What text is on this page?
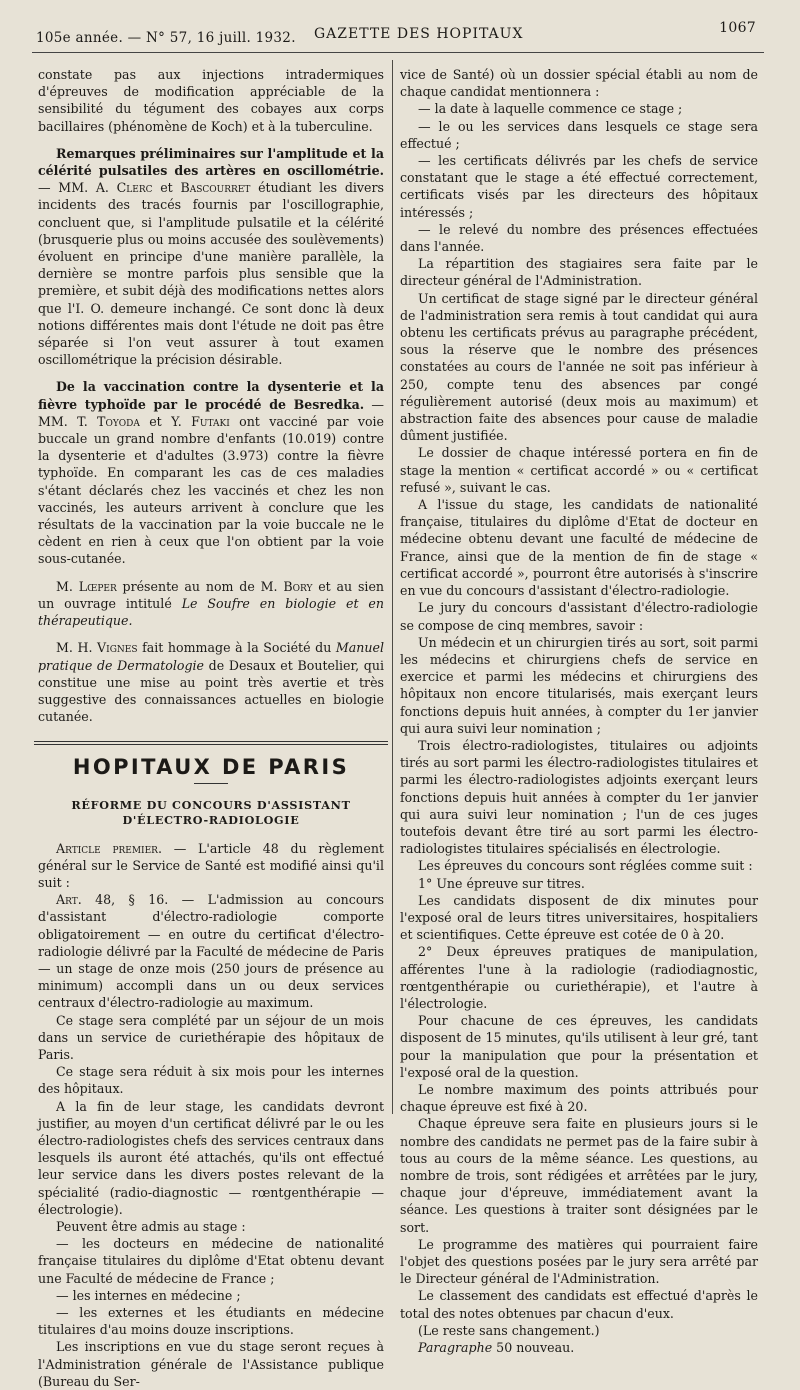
105e année. — N° 57, 16 juill. 1932. GAZETTE DES HOPITAUX	1067

constate pas aux injections intradermiques d'épreuves de modification appréciable de la sensibilité du tégument des cobayes aux corps bacillaires (phénomène de Koch) et à la tuberculine.

Remarques préliminaires sur l'amplitude et la célérité pulsatiles des artères en oscillométrie. — MM. A. Clerc et Bascourret étudiant les divers incidents des tracés fournis par l'oscillographie, concluent que, si l'amplitude pulsatile et la célérité (brusquerie plus ou moins accusée des soulèvements) évoluent en principe d'une manière parallèle, la dernière se montre parfois plus sensible que la première, et subit déjà des modifications nettes alors que l'I. O. demeure inchangé. Ce sont donc là deux notions différentes mais dont l'étude ne doit pas être séparée si l'on veut assurer à tout examen oscillométrique la précision désirable.

De la vaccination contre la dysenterie et la fièvre typhoïde par le procédé de Besredka. — MM. T. Toyoda et Y. Futaki ont vacciné par voie buccale un grand nombre d'enfants (10.019) contre la dysenterie et d'adultes (3.973) contre la fièvre typhoïde. En comparant les cas de ces maladies s'étant déclarés chez les vaccinés et chez les non vaccinés, les auteurs arrivent à conclure que les résultats de la vaccination par la voie buccale ne le cèdent en rien à ceux que l'on obtient par la voie sous-cutanée.

M. Lœper présente au nom de M. Bory et au sien un ouvrage intitulé Le Soufre en biologie et en thérapeutique.

M. H. Vignes fait hommage à la Société du Manuel pratique de Dermatologie de Desaux et Boutelier, qui constitue une mise au point très avertie et très suggestive des connaissances actuelles en biologie cutanée.

HOPITAUX DE PARIS
RÉFORME DU CONCOURS D'ASSISTANT
D'ÉLECTRO-RADIOLOGIE

Article premier. — L'article 48 du règlement général sur le Service de Santé est modifié ainsi qu'il suit :

Art. 48, § 16. — L'admission au concours d'assistant d'électro-radiologie comporte obligatoirement — en outre du certificat d'électro-radiologie délivré par la Faculté de médecine de Paris — un stage de onze mois (250 jours de présence au minimum) accompli dans un ou deux services centraux d'électro-radiologie au maximum.

Ce stage sera complété par un séjour de un mois dans un service de curiethérapie des hôpitaux de Paris.

Ce stage sera réduit à six mois pour les internes des hôpitaux.

A la fin de leur stage, les candidats devront justifier, au moyen d'un certificat délivré par le ou les électro-radiologistes chefs des services centraux dans lesquels ils auront été attachés, qu'ils ont effectué leur service dans les divers postes relevant de la spécialité (radio-diagnostic — rœntgenthérapie — électrologie).

Peuvent être admis au stage :

— les docteurs en médecine de nationalité française titulaires du diplôme d'Etat obtenu devant une Faculté de médecine de France ;

— les internes en médecine ;

— les externes et les étudiants en médecine titulaires d'au moins douze inscriptions.

Les inscriptions en vue du stage seront reçues à l'Administration générale de l'Assistance publique (Bureau du Ser-

vice de Santé) où un dossier spécial établi au nom de chaque candidat mentionnera :

— la date à laquelle commence ce stage ;

— le ou les services dans lesquels ce stage sera effectué ;

— les certificats délivrés par les chefs de service constatant que le stage a été effectué correctement, certificats visés par les directeurs des hôpitaux intéressés ;

— le relevé du nombre des présences effectuées dans l'année.

La répartition des stagiaires sera faite par le directeur général de l'Administration.

Un certificat de stage signé par le directeur général de l'administration sera remis à tout candidat qui aura obtenu les certificats prévus au paragraphe précédent, sous la réserve que le nombre des présences constatées au cours de l'année ne soit pas inférieur à 250, compte tenu des absences par congé régulièrement autorisé (deux mois au maximum) et abstraction faite des absences pour cause de maladie dûment justifiée.

Le dossier de chaque intéressé portera en fin de stage la mention « certificat accordé » ou « certificat refusé », suivant le cas.

A l'issue du stage, les candidats de nationalité française, titulaires du diplôme d'Etat de docteur en médecine obtenu devant une faculté de médecine de France, ainsi que de la mention de fin de stage « certificat accordé », pourront être autorisés à s'inscrire en vue du concours d'assistant d'électro-radiologie.

Le jury du concours d'assistant d'électro-radiologie se compose de cinq membres, savoir :

Un médecin et un chirurgien tirés au sort, soit parmi les médecins et chirurgiens chefs de service en exercice et parmi les médecins et chirurgiens des hôpitaux non encore titularisés, mais exerçant leurs fonctions depuis huit années, à compter du 1er janvier qui aura suivi leur nomination ;

Trois électro-radiologistes, titulaires ou adjoints tirés au sort parmi les électro-radiologistes titulaires et parmi les électro-radiologistes adjoints exerçant leurs fonctions depuis huit années à compter du 1er janvier qui aura suivi leur nomination ; l'un de ces juges toutefois devant être tiré au sort parmi les électro-radiologistes titulaires spécialisés en électrologie.

Les épreuves du concours sont réglées comme suit :

1° Une épreuve sur titres.

Les candidats disposent de dix minutes pour l'exposé oral de leurs titres universitaires, hospitaliers et scientifiques. Cette épreuve est cotée de 0 à 20.

2° Deux épreuves pratiques de manipulation, afférentes l'une à la radiologie (radiodiagnostic, rœntgenthérapie ou curiethérapie), et l'autre à l'électrologie.

Pour chacune de ces épreuves, les candidats disposent de 15 minutes, qu'ils utilisent à leur gré, tant pour la manipulation que pour la présentation et l'exposé oral de la question.

Le nombre maximum des points attribués pour chaque épreuve est fixé à 20.

Chaque épreuve sera faite en plusieurs jours si le nombre des candidats ne permet pas de la faire subir à tous au cours de la même séance. Les questions, au nombre de trois, sont rédigées et arrêtées par le jury, chaque jour d'épreuve, immédiatement avant la séance. Les questions à traiter sont désignées par le sort.

Le programme des matières qui pourraient faire l'objet des questions posées par le jury sera arrêté par le Directeur général de l'Administration.

Le classement des candidats est effectué d'après le total des notes obtenues par chacun d'eux.

(Le reste sans changement.)

Paragraphe 50 nouveau.
